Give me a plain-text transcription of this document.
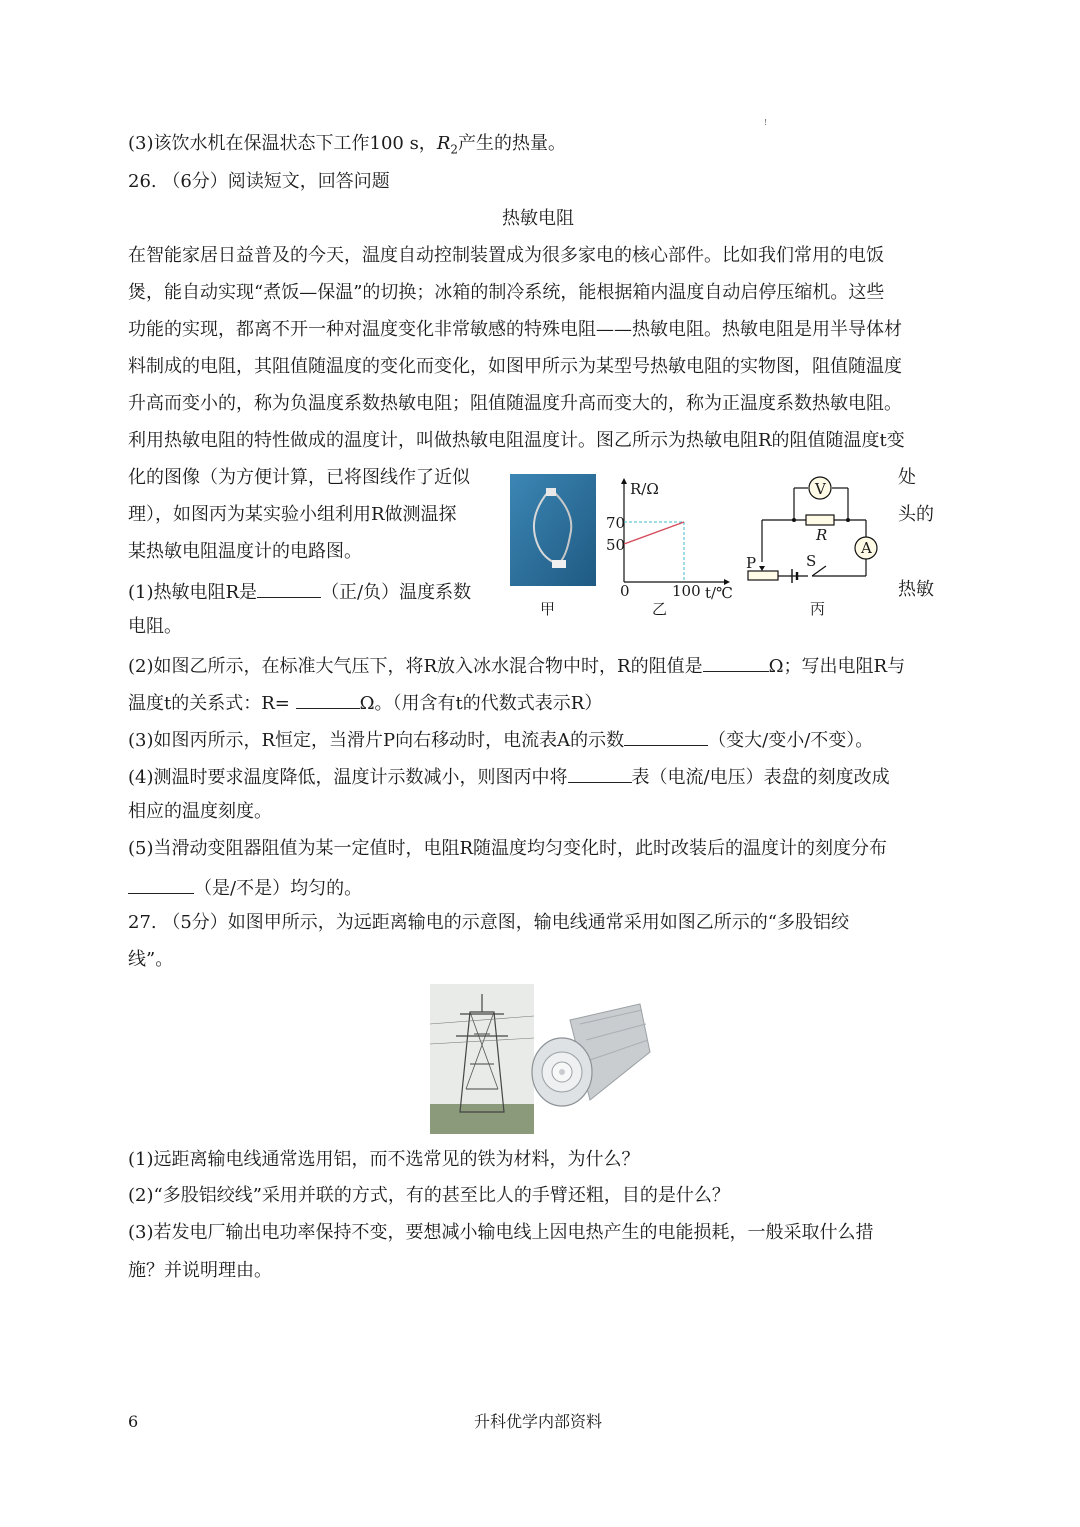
!
(3)该饮水机在保温状态下工作100 s，$R_2$产生的热量。
26. （6分）阅读短文，回答问题
热敏电阻
在智能家居日益普及的今天，温度自动控制装置成为很多家电的核心部件。比如我们常用的电饭
煲，能自动实现“煮饭—保温”的切换；冰箱的制冷系统，能根据箱内温度自动启停压缩机。这些
功能的实现，都离不开一种对温度变化非常敏感的特殊电阻——热敏电阻。热敏电阻是用半导体材
料制成的电阻，其阻值随温度的变化而变化，如图甲所示为某型号热敏电阻的实物图，阻值随温度
升高而变小的，称为负温度系数热敏电阻；阻值随温度升高而变大的，称为正温度系数热敏电阻。
利用热敏电阻的特性做成的温度计，叫做热敏电阻温度计。图乙所示为热敏电阻R的阻值随温度t变
化的图像（为方便计算，已将图线作了近似
理），如图丙为某实验小组利用R做测温探
某热敏电阻温度计的电路图。
(1)热敏电阻R是	（正/负）温度系数
电阻。
处
头的
热敏
甲
R/Ω
70
50
0	100 t/℃
乙
V
R
A
P	S
丙
(2)如图乙所示，在标准大气压下，将R放入冰水混合物中时，R的阻值是	Ω；写出电阻R与
温度t的关系式：R=	Ω。（用含有t的代数式表示R）
(3)如图丙所示，R恒定，当滑片P向右移动时，电流表A的示数	（变大/变小/不变）。
(4)测温时要求温度降低，温度计示数减小，则图丙中将	表（电流/电压）表盘的刻度改成
相应的温度刻度。
(5)当滑动变阻器阻值为某一定值时，电阻R随温度均匀变化时，此时改装后的温度计的刻度分布
（是/不是）均匀的。
27. （5分）如图甲所示，为远距离输电的示意图，输电线通常采用如图乙所示的“多股铝绞
线”。
(1)远距离输电线通常选用铝，而不选常见的铁为材料，为什么？
(2)“多股铝绞线”采用并联的方式，有的甚至比人的手臂还粗，目的是什么？
(3)若发电厂输出电功率保持不变，要想减小输电线上因电热产生的电能损耗，一般采取什么措
施？并说明理由。
6	升科优学内部资料
